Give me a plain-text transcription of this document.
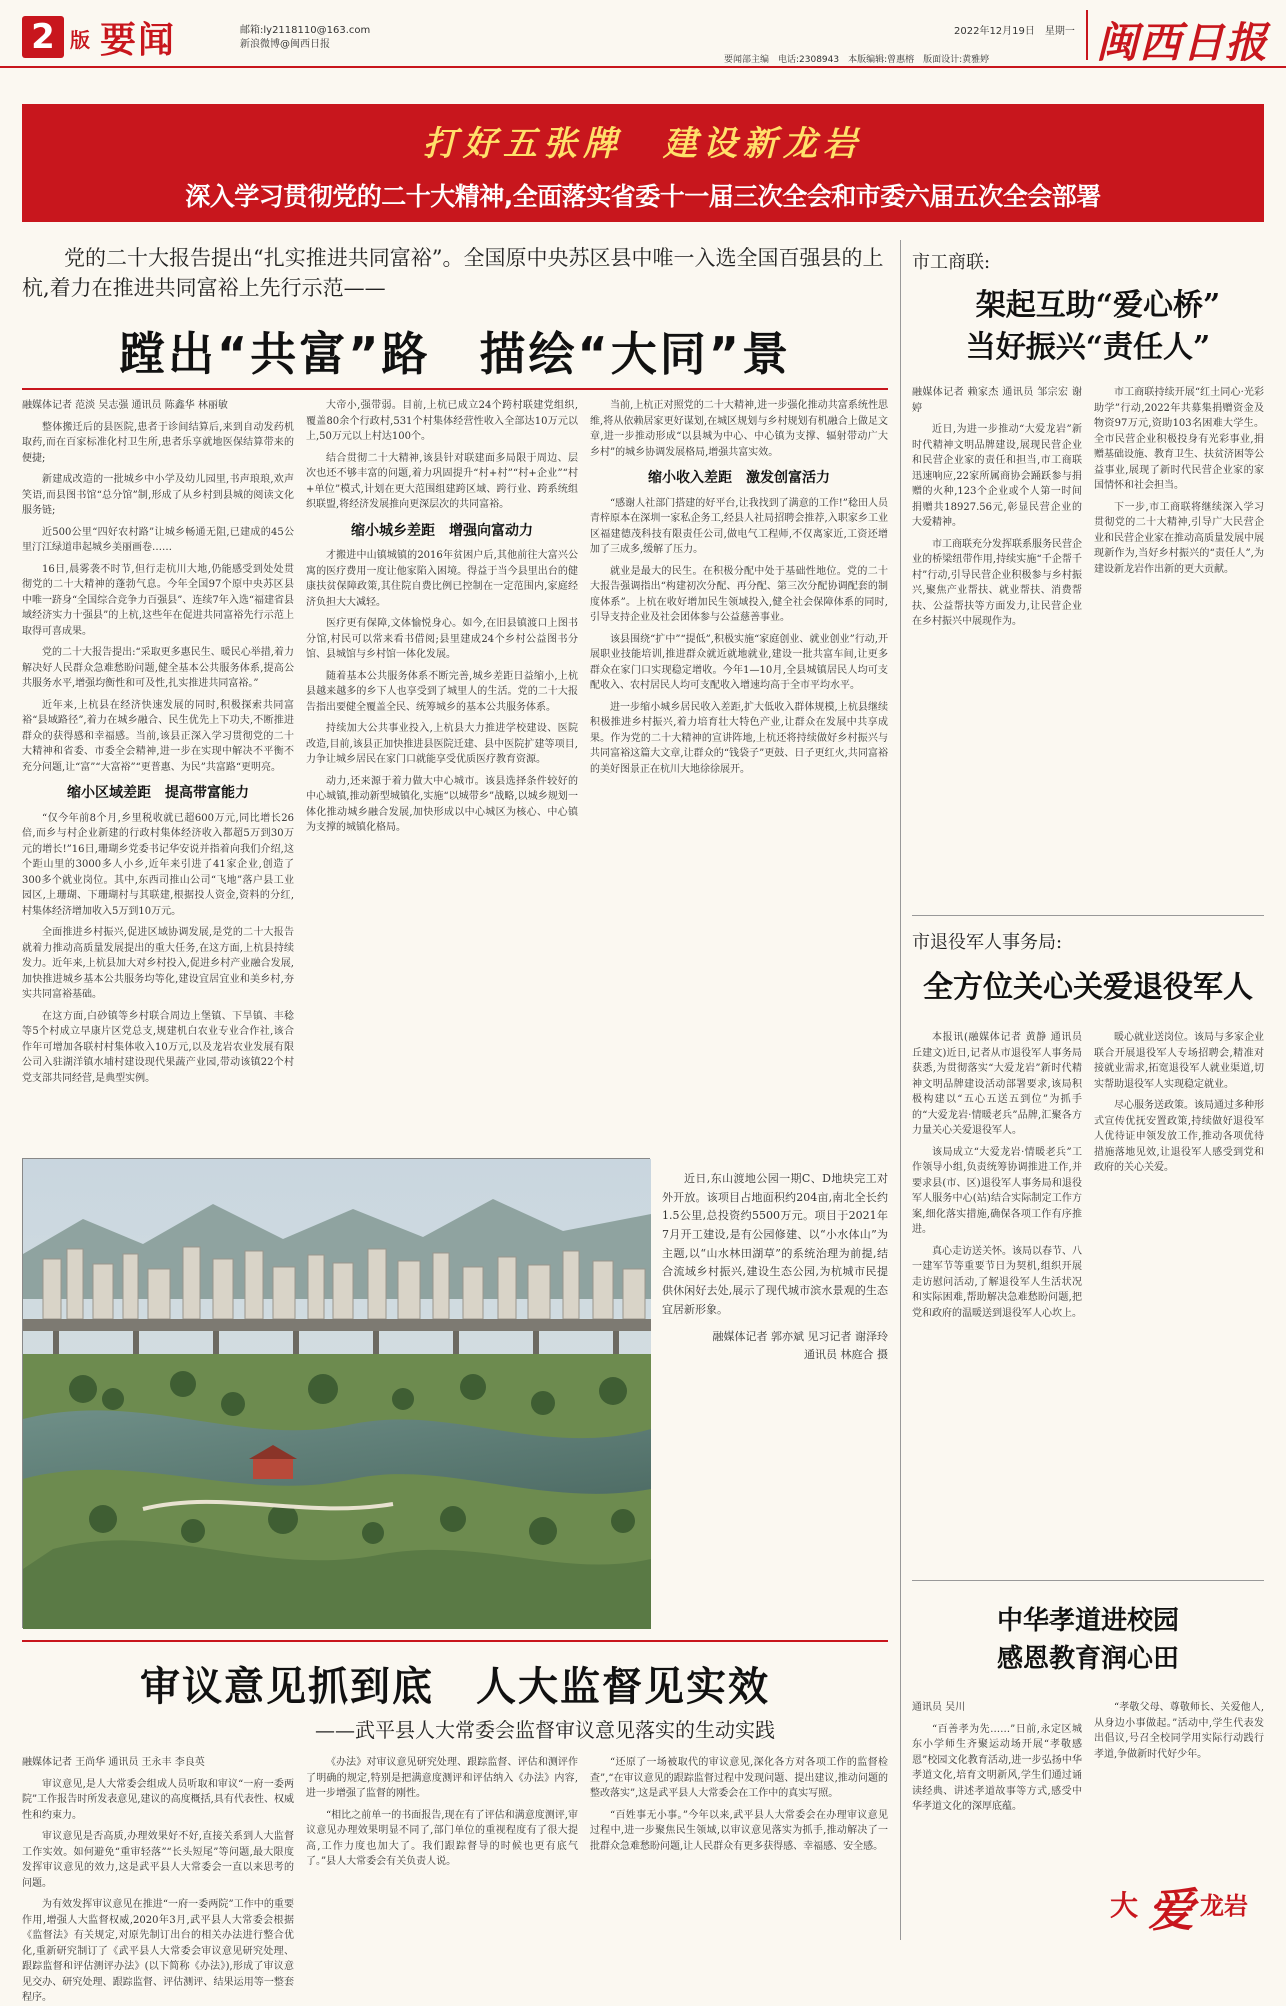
2 版 要闻	邮箱:ly2118110@163.com
新浪微博@闽西日报
要闻部主编　电话:2308943　本版编辑:曾惠榕　版面设计:黄雅婷
2022年12月19日　星期一 闽西日报
打好五张牌　建设新龙岩
深入学习贯彻党的二十大精神,全面落实省委十一届三次全会和市委六届五次全会部署
党的二十大报告提出“扎实推进共同富裕”。全国原中央苏区县中唯一入选全国百强县的上杭,着力在推进共同富裕上先行示范——
蹚出“共富”路　描绘“大同”景
融媒体记者 范淡 吴志强 通讯员 陈鑫华 林丽敏

整体搬迁后的县医院,患者于诊间结算后,来到自动发药机取药,而在百家标准化村卫生所,患者乐享就地医保结算带来的便捷;

新建成改造的一批城乡中小学及幼儿园里,书声琅琅,欢声笑语,而县图书馆“总分馆”制,形成了从乡村到县城的阅读文化服务链;

近500公里“四好农村路”让城乡畅通无阻,已建成的45公里汀江绿道串起城乡美丽画卷……

16日,晨雾袭不时节,但行走杭川大地,仍能感受到处处贯彻党的二十大精神的蓬勃气息。今年全国97个原中央苏区县中唯一跻身“全国综合竞争力百强县”、连续7年入选“福建省县域经济实力十强县”的上杭,这些年在促进共同富裕先行示范上取得可喜成果。

党的二十大报告提出:“采取更多惠民生、暖民心举措,着力解决好人民群众急难愁盼问题,健全基本公共服务体系,提高公共服务水平,增强均衡性和可及性,扎实推进共同富裕。”

近年来,上杭县在经济快速发展的同时,积极探索共同富裕“县域路径”,着力在城乡融合、民生优先上下功夫,不断推进群众的获得感和幸福感。当前,该县正深入学习贯彻党的二十大精神和省委、市委全会精神,进一步在实现中解决不平衡不充分问题,让“富”“大富裕”“更普惠、为民”共富路“更明亮。

缩小区域差距　提高带富能力

“仅今年前8个月,乡里税收就已超600万元,同比增长26倍,而乡与村企业新建的行政村集体经济收入都超5万到30万元的增长!”16日,珊瑚乡党委书记华安说并指着向我们介绍,这个距山里的3000多人小乡,近年来引进了41家企业,创造了300多个就业岗位。其中,东西司推山公司“飞地”落户县工业园区,上珊瑚、下珊瑚村与其联建,根据投人资金,资料的分红,村集体经济增加收入5万到10万元。

全面推进乡村振兴,促进区域协调发展,是党的二十大报告就着力推动高质量发展提出的重大任务,在这方面,上杭县持续发力。近年来,上杭县加大对乡村投入,促进乡村产业融合发展,加快推进城乡基本公共服务均等化,建设宜居宜业和美乡村,夯实共同富裕基础。

在这方面,白砂镇等乡村联合周边上堡镇、下旱镇、丰稔等5个村成立早康片区党总支,规建机白农业专业合作社,该合作年可增加各联村村集体收入10万元,以及龙岩农业发展有限公司入驻湖洋镇水埔村建设现代果蔬产业园,带动该镇22个村党支部共同经营,是典型实例。

大帝小,强带弱。目前,上杭已成立24个跨村联建党组织,覆盖80余个行政村,531个村集体经营性收入全部达10万元以上,50万元以上村达100个。

结合贯彻二十大精神,该县针对联建面多局限于周边、层次也还不够丰富的问题,着力巩固提升“村+村”“村+企业”“村+单位”模式,计划在更大范围组建跨区域、跨行业、跨系统组织联盟,将经济发展推向更深层次的共同富裕。

缩小城乡差距　增强向富动力

才搬进中山镇城镇的2016年贫困户后,其他前往大富兴公寓的医疗费用一度让他家陷入困境。得益于当今县里出台的健康扶贫保障政策,其住院自费比例已控制在一定范围内,家庭经济负担大大减轻。

医疗更有保障,文体愉悦身心。如今,在旧县镇渡口上图书分馆,村民可以常来看书借阅;县里建成24个乡村公益图书分馆、县城馆与乡村馆一体化发展。

随着基本公共服务体系不断完善,城乡差距日益缩小,上杭县越来越多的乡下人也享受到了城里人的生活。党的二十大报告指出要健全覆盖全民、统筹城乡的基本公共服务体系。

持续加大公共事业投入,上杭县大力推进学校建设、医院改造,目前,该县正加快推进县医院迁建、县中医院扩建等项目,力争让城乡居民在家门口就能享受优质医疗教育资源。

动力,还来源于着力做大中心城市。该县选择条件较好的中心城镇,推动新型城镇化,实施“以城带乡”战略,以城乡规划一体化推动城乡融合发展,加快形成以中心城区为核心、中心镇为支撑的城镇化格局。

当前,上杭正对照党的二十大精神,进一步强化推动共富系统性思维,将从依赖居家更好谋划,在城区规划与乡村规划有机融合上做足文章,进一步推动形成“以县城为中心、中心镇为支撑、辐射带动广大乡村”的城乡协调发展格局,增强共富实效。

缩小收入差距　激发创富活力

“感谢人社部门搭建的好平台,让我找到了满意的工作!”稔田人员青梓原本在深圳一家私企务工,经县人社局招聘会推荐,入职家乡工业区福建德茂科技有限责任公司,做电气工程师,不仅离家近,工资还增加了三成多,缓解了压力。

就业是最大的民生。在积极分配中处于基础性地位。党的二十大报告强调指出“构建初次分配、再分配、第三次分配协调配套的制度体系”。上杭在收好增加民生领域投入,健全社会保障体系的同时,引导支持企业及社会团体参与公益慈善事业。

该县围绕“扩中”“提低”,积极实施“家庭创业、就业创业”行动,开展职业技能培训,推进群众就近就地就业,建设一批共富车间,让更多群众在家门口实现稳定增收。今年1—10月,全县城镇居民人均可支配收入、农村居民人均可支配收入增速均高于全市平均水平。

进一步缩小城乡居民收入差距,扩大低收入群体规模,上杭县继续积极推进乡村振兴,着力培育壮大特色产业,让群众在发展中共享成果。作为党的二十大精神的宣讲阵地,上杭还将持续做好乡村振兴与共同富裕这篇大文章,让群众的“钱袋子”更鼓、日子更红火,共同富裕的美好图景正在杭川大地徐徐展开。

近日,东山渡地公园一期C、D地块完工对外开放。该项目占地面积约204亩,南北全长约1.5公里,总投资约5500万元。项目于2021年7月开工建设,是有公园修建、以“小水体山”为主题,以“山水林田湖草”的系统治理为前提,结合流域乡村振兴,建设生态公园,为杭城市民提供休闲好去处,展示了现代城市滨水景观的生态宜居新形象。

融媒体记者 郭亦斌 见习记者 谢泽玲 通讯员 林庭合 摄

审议意见抓到底　人大监督见实效
——武平县人大常委会监督审议意见落实的生动实践
融媒体记者 王尚华 通讯员 王永丰 李良英

审议意见,是人大常委会组成人员听取和审议“一府一委两院”工作报告时所发表意见,建议的高度概括,具有代表性、权威性和约束力。

审议意见是否高质,办理效果好不好,直接关系到人大监督工作实效。如何避免“重审轻落”“长头短尾”等问题,最大限度发挥审议意见的效力,这是武平县人大常委会一直以来思考的问题。

为有效发挥审议意见在推进“一府一委两院”工作中的重要作用,增强人大监督权威,2020年3月,武平县人大常委会根据《监督法》有关规定,对原先制订出台的相关办法进行整合优化,重新研究制订了《武平县人大常委会审议意见研究处理、跟踪监督和评估测评办法》(以下简称《办法》),形成了审议意见交办、研究处理、跟踪监督、评估测评、结果运用等一整套程序。

《办法》对审议意见研究处理、跟踪监督、评估和测评作了明确的规定,特别是把满意度测评和评估纳入《办法》内容,进一步增强了监督的刚性。

“相比之前单一的书面报告,现在有了评估和满意度测评,审议意见办理效果明显不同了,部门单位的重视程度有了很大提高,工作力度也加大了。我们跟踪督导的时候也更有底气了。”县人大常委会有关负责人说。

“还原了一场被取代的审议意见,深化各方对各项工作的监督检查”,“在审议意见的跟踪监督过程中发现问题、提出建议,推动问题的整改落实”,这是武平县人大常委会在工作中的真实写照。

“百姓事无小事。”今年以来,武平县人大常委会在办理审议意见过程中,进一步聚焦民生领域,以审议意见落实为抓手,推动解决了一批群众急难愁盼问题,让人民群众有更多获得感、幸福感、安全感。

市工商联:
架起互助“爱心桥”
当好振兴“责任人”
融媒体记者 赖家杰 通讯员 邹宗宏 谢婷

近日,为进一步推动“大爱龙岩”新时代精神文明品牌建设,展现民营企业和民营企业家的责任和担当,市工商联迅速响应,22家所属商协会踊跃参与捐赠的火种,123个企业或个人第一时间捐赠共18927.56元,彰显民营企业的大爱精神。

市工商联充分发挥联系服务民营企业的桥梁纽带作用,持续实施“千企帮千村”行动,引导民营企业积极参与乡村振兴,聚焦产业帮扶、就业帮扶、消费帮扶、公益帮扶等方面发力,让民营企业在乡村振兴中展现作为。

市工商联持续开展“红土同心·光彩助学”行动,2022年共募集捐赠资金及物资97万元,资助103名困难大学生。全市民营企业积极投身有光彩事业,捐赠基础设施、教育卫生、扶贫济困等公益事业,展现了新时代民营企业家的家国情怀和社会担当。

下一步,市工商联将继续深入学习贯彻党的二十大精神,引导广大民营企业和民营企业家在推动高质量发展中展现新作为,当好乡村振兴的“责任人”,为建设新龙岩作出新的更大贡献。

市退役军人事务局:
全方位关心关爱退役军人

本报讯(融媒体记者 黄静 通讯员 丘建文)近日,记者从市退役军人事务局获悉,为贯彻落实“大爱龙岩”新时代精神文明品牌建设活动部署要求,该局积极构建以“五心五送五到位”为抓手的“大爱龙岩·情暖老兵”品牌,汇聚各方力量关心关爱退役军人。

该局成立“大爱龙岩·情暖老兵”工作领导小组,负责统筹协调推进工作,并要求县(市、区)退役军人事务局和退役军人服务中心(站)结合实际制定工作方案,细化落实措施,确保各项工作有序推进。

真心走访送关怀。该局以春节、八一建军节等重要节日为契机,组织开展走访慰问活动,了解退役军人生活状况和实际困难,帮助解决急难愁盼问题,把党和政府的温暖送到退役军人心坎上。

暖心就业送岗位。该局与多家企业联合开展退役军人专场招聘会,精准对接就业需求,拓宽退役军人就业渠道,切实帮助退役军人实现稳定就业。

尽心服务送政策。该局通过多种形式宣传优抚安置政策,持续做好退役军人优待证申领发放工作,推动各项优待措施落地见效,让退役军人感受到党和政府的关心关爱。

中华孝道进校园
感恩教育润心田
通讯员 吴川

“百善孝为先……”日前,永定区城东小学师生齐聚运动场开展“孝敬感恩”校园文化教育活动,进一步弘扬中华孝道文化,培育文明新风,学生们通过诵读经典、讲述孝道故事等方式,感受中华孝道文化的深厚底蕴。

“孝敬父母、尊敬师长、关爱他人,从身边小事做起。”活动中,学生代表发出倡议,号召全校同学用实际行动践行孝道,争做新时代好少年。

大 爱 龙岩
